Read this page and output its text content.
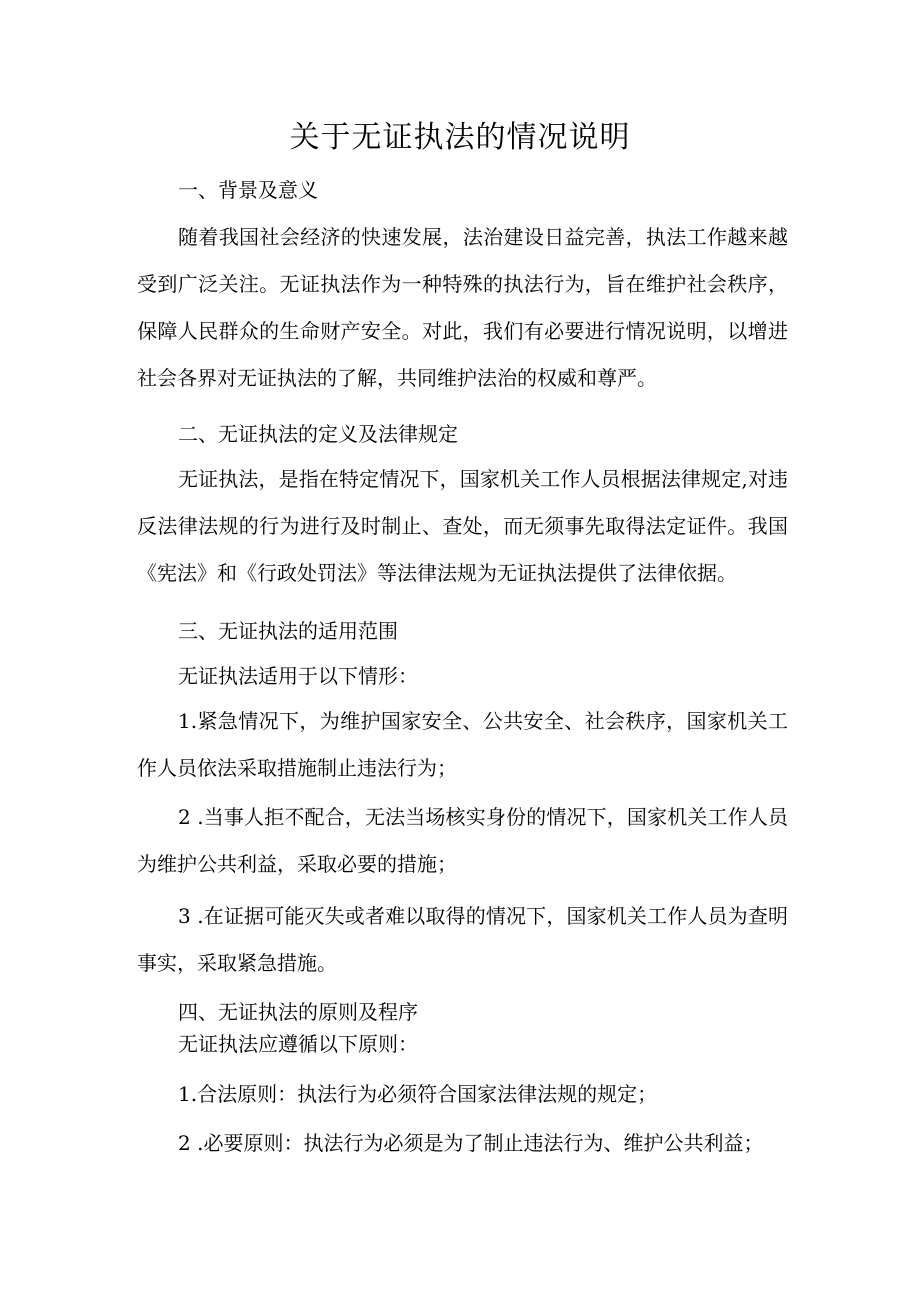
关于无证执法的情况说明
一、背景及意义
随着我国社会经济的快速发展，法治建设日益完善，执法工作越来越受到广泛关注。无证执法作为一种特殊的执法行为，旨在维护社会秩序，保障人民群众的生命财产安全。对此，我们有必要进行情况说明，以增进社会各界对无证执法的了解，共同维护法治的权威和尊严。
二、无证执法的定义及法律规定
无证执法，是指在特定情况下，国家机关工作人员根据法律规定,对违反法律法规的行为进行及时制止、查处，而无须事先取得法定证件。我国《宪法》和《行政处罚法》等法律法规为无证执法提供了法律依据。
三、无证执法的适用范围
无证执法适用于以下情形：
1.紧急情况下，为维护国家安全、公共安全、社会秩序，国家机关工作人员依法采取措施制止违法行为；
2 .当事人拒不配合，无法当场核实身份的情况下，国家机关工作人员为维护公共利益，采取必要的措施；
3 .在证据可能灭失或者难以取得的情况下，国家机关工作人员为查明事实，采取紧急措施。
四、无证执法的原则及程序
无证执法应遵循以下原则：
1.合法原则：执法行为必须符合国家法律法规的规定；
2 .必要原则：执法行为必须是为了制止违法行为、维护公共利益；
